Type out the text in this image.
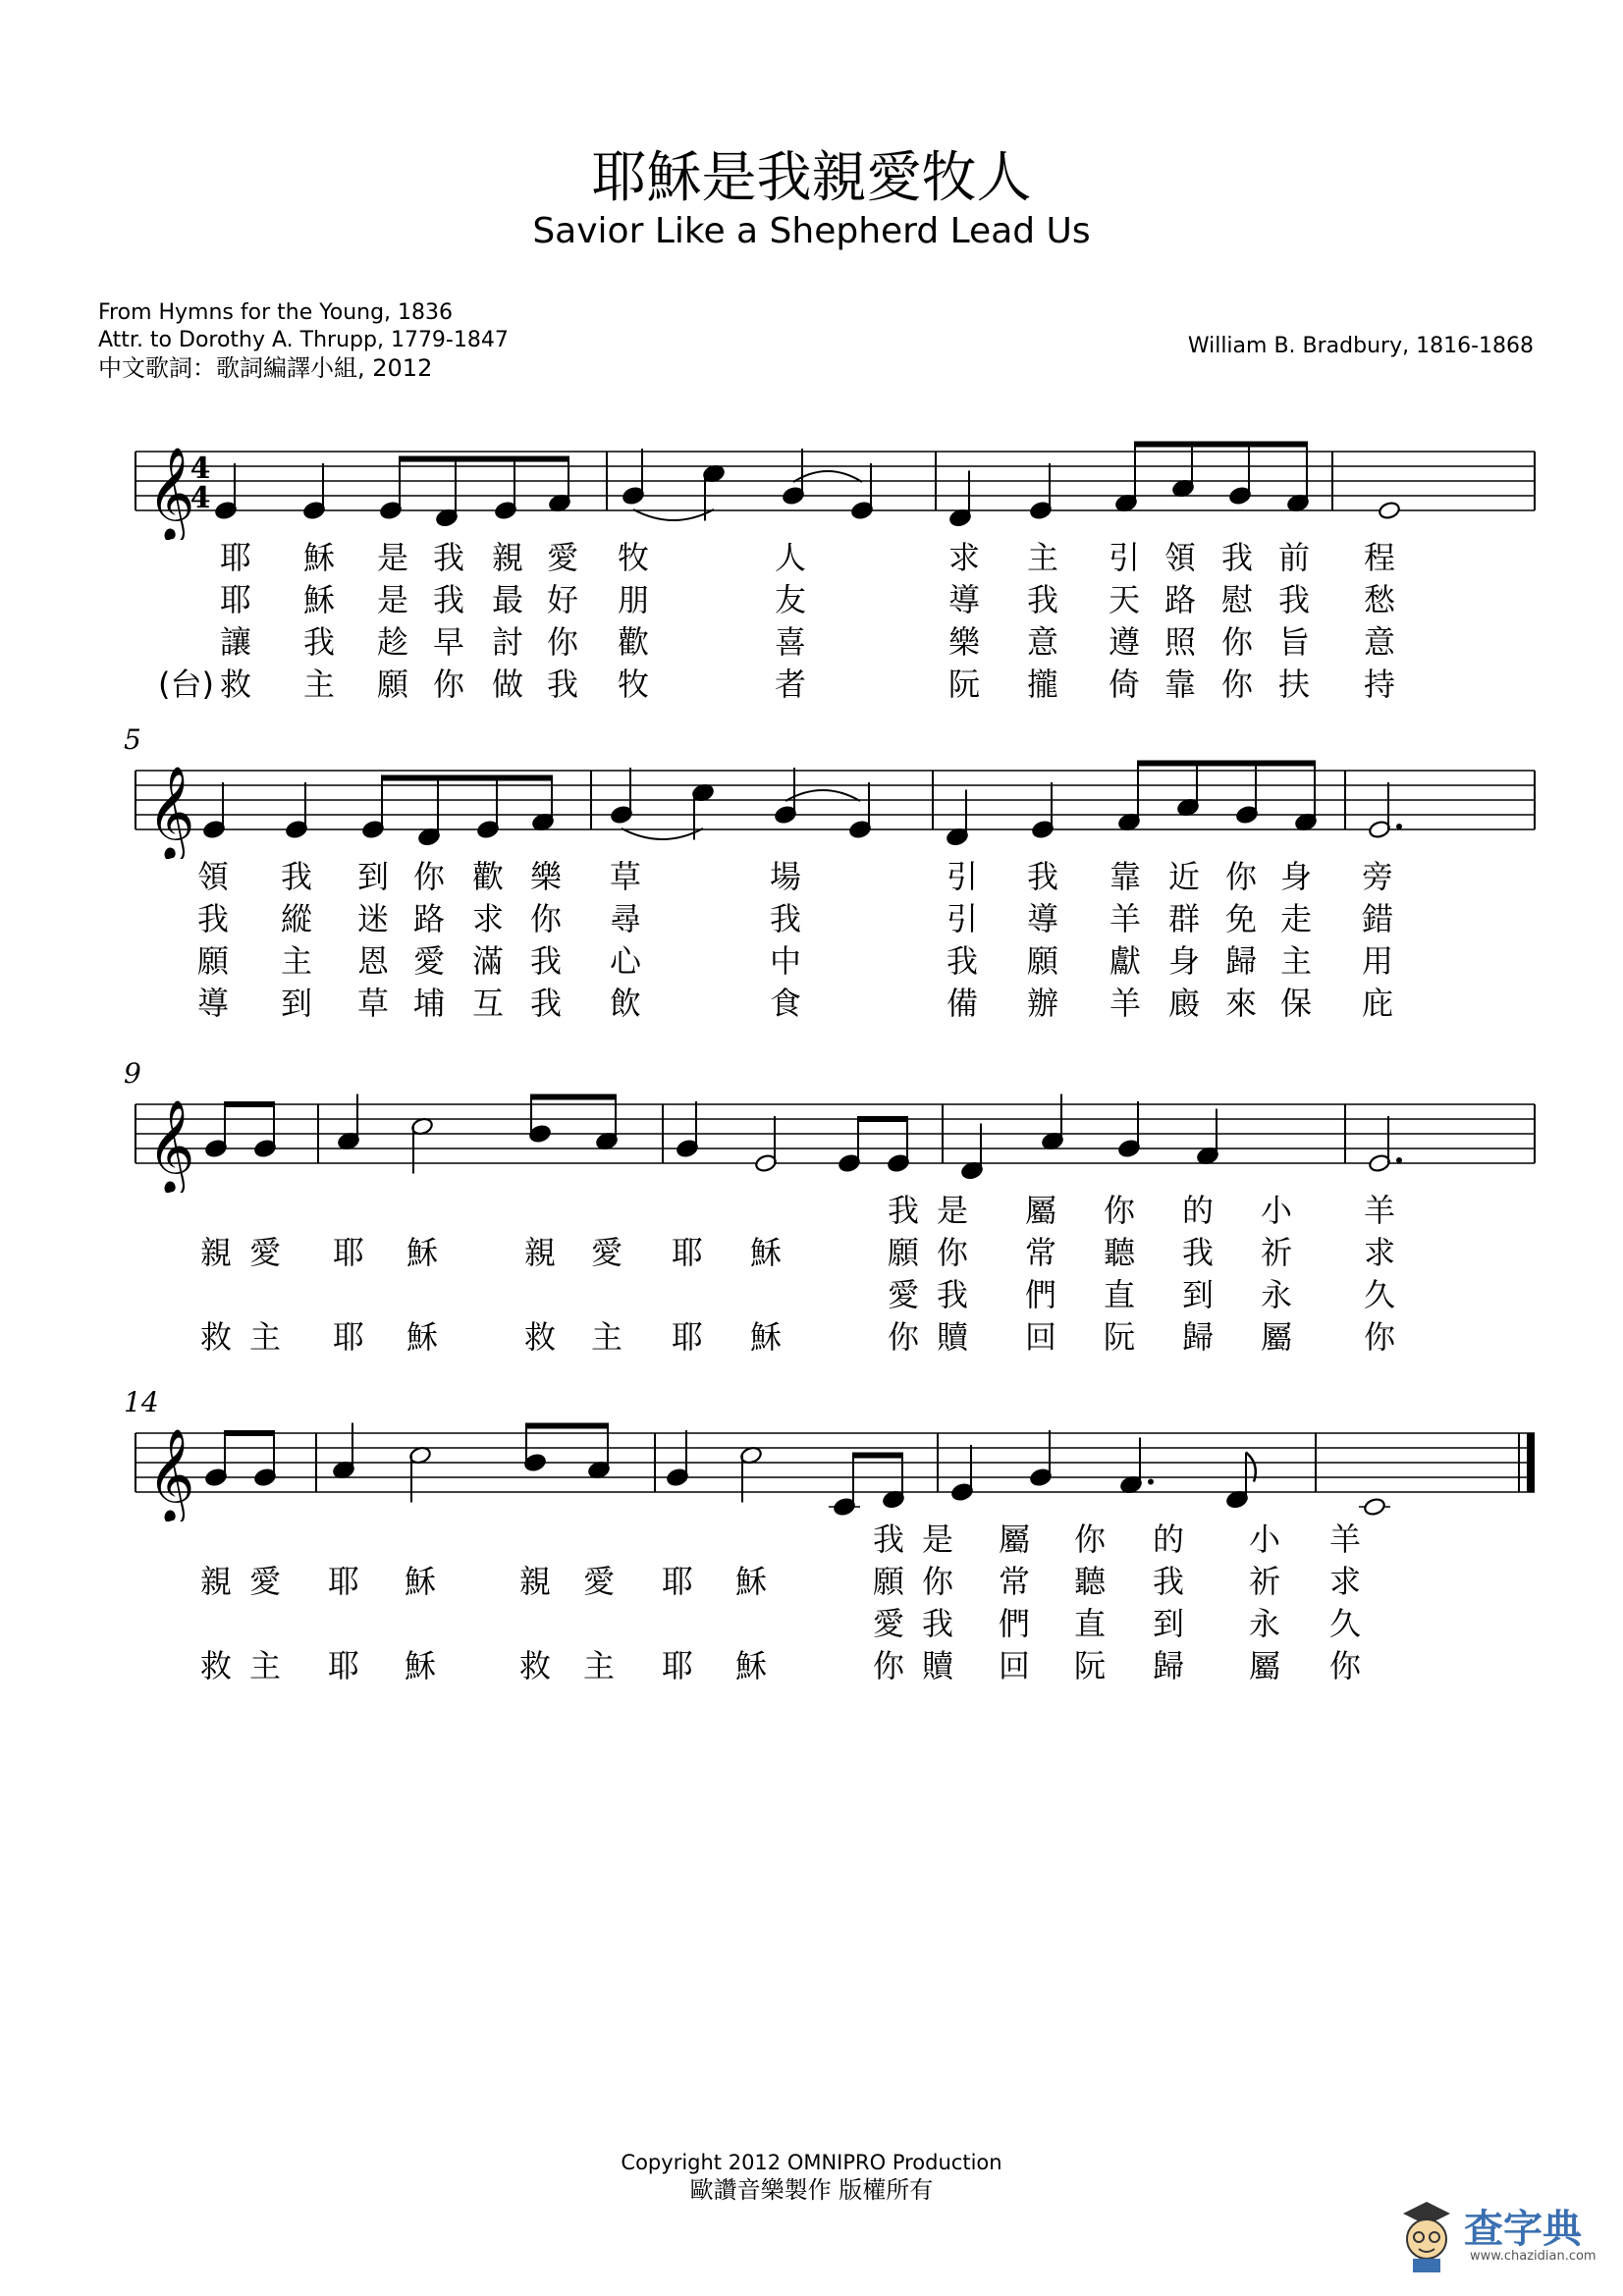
耶穌是我親愛牧人
Savior Like a Shepherd Lead Us
From Hymns for the Young, 1836
Attr. to Dorothy A. Thrupp, 1779-1847
中文歌詞：歌詞編譯小組, 2012
William B. Bradbury, 1816-1868
𝄞
4
4
耶 穌 是 我 親 愛 牧	人	求 主 引 領 我 前 程
耶 穌 是 我 最 好 朋	友	導 我 天 路 慰 我 愁
讓 我 趁 早 討 你 歡	喜	樂 意 遵 照 你 旨 意
(台) 救 主 願 你 做 我 牧	者	阮 攏 倚 靠 你 扶 持
𝄞
5
領 我 到 你 歡 樂 草	場	引 我 靠 近 你 身 旁
我 縱 迷 路 求 你 尋	我	引 導 羊 群 免 走 錯
願 主 恩 愛 滿 我 心	中	我 願 獻 身 歸 主 用
導 到 草 埔 互 我 飲	食	備 辦 羊 廄 來 保 庇
𝄞
9
我 是 屬 你 的 小 羊
親 愛 耶 穌	親 愛 耶 穌	願 你 常 聽 我 祈 求
愛 我 們 直 到 永 久
救 主 耶 穌	救 主 耶 穌	你 贖 回 阮 歸 屬 你
𝄞
14
我 是 屬 你 的 小 羊
親 愛 耶 穌	親 愛 耶 穌	願 你 常 聽 我 祈 求
愛 我 們 直 到 永 久
救 主 耶 穌	救 主 耶 穌	你 贖 回 阮 歸 屬 你
Copyright 2012 OMNIPRO Production
歐讚音樂製作 版權所有
查字典
www.chazidian.com
